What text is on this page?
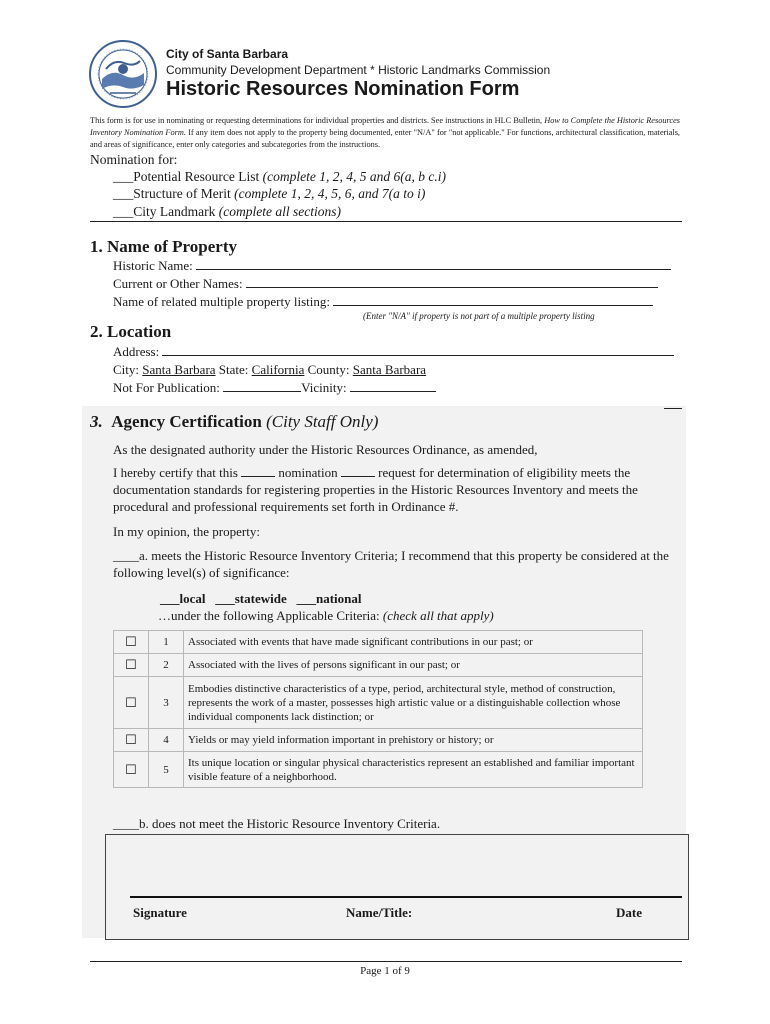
City of Santa Barbara
Community Development Department * Historic Landmarks Commission
Historic Resources Nomination Form
This form is for use in nominating or requesting determinations for individual properties and districts. See instructions in HLC Bulletin, How to Complete the Historic Resources Inventory Nomination Form. If any item does not apply to the property being documented, enter "N/A" for "not applicable." For functions, architectural classification, materials, and areas of significance, enter only categories and subcategories from the instructions.
Nomination for:
___Potential Resource List (complete 1, 2, 4, 5 and 6(a, b c.i)
___Structure of Merit (complete 1, 2, 4, 5, 6, and 7(a to i)
___City Landmark (complete all sections)
1. Name of Property
Historic Name:
Current or Other Names:
Name of related multiple property listing:
(Enter "N/A" if property is not part of a multiple property listing
2. Location
Address:
City: Santa Barbara State: California County: Santa Barbara
Not For Publication:	Vicinity:
3. Agency Certification (City Staff Only)
As the designated authority under the Historic Resources Ordinance, as amended,
I hereby certify that this	nomination	request for determination of eligibility meets the documentation standards for registering properties in the Historic Resources Inventory and meets the procedural and professional requirements set forth in Ordinance #.
In my opinion, the property:
____a. meets the Historic Resource Inventory Criteria; I recommend that this property be considered at the following level(s) of significance:
___local ___statewide ___national
…under the following Applicable Criteria: (check all that apply)
☐	1	Associated with events that have made significant contributions in our past; or
☐	2	Associated with the lives of persons significant in our past; or
☐	3	Embodies distinctive characteristics of a type, period, architectural style, method of construction, represents the work of a master, possesses high artistic value or a distinguishable collection whose individual components lack distinction; or
☐	4	Yields or may yield information important in prehistory or history; or
☐	5	Its unique location or singular physical characteristics represent an established and familiar important visible feature of a neighborhood.
____b. does not meet the Historic Resource Inventory Criteria.
Signature	Name/Title:	Date
Page 1 of 9
